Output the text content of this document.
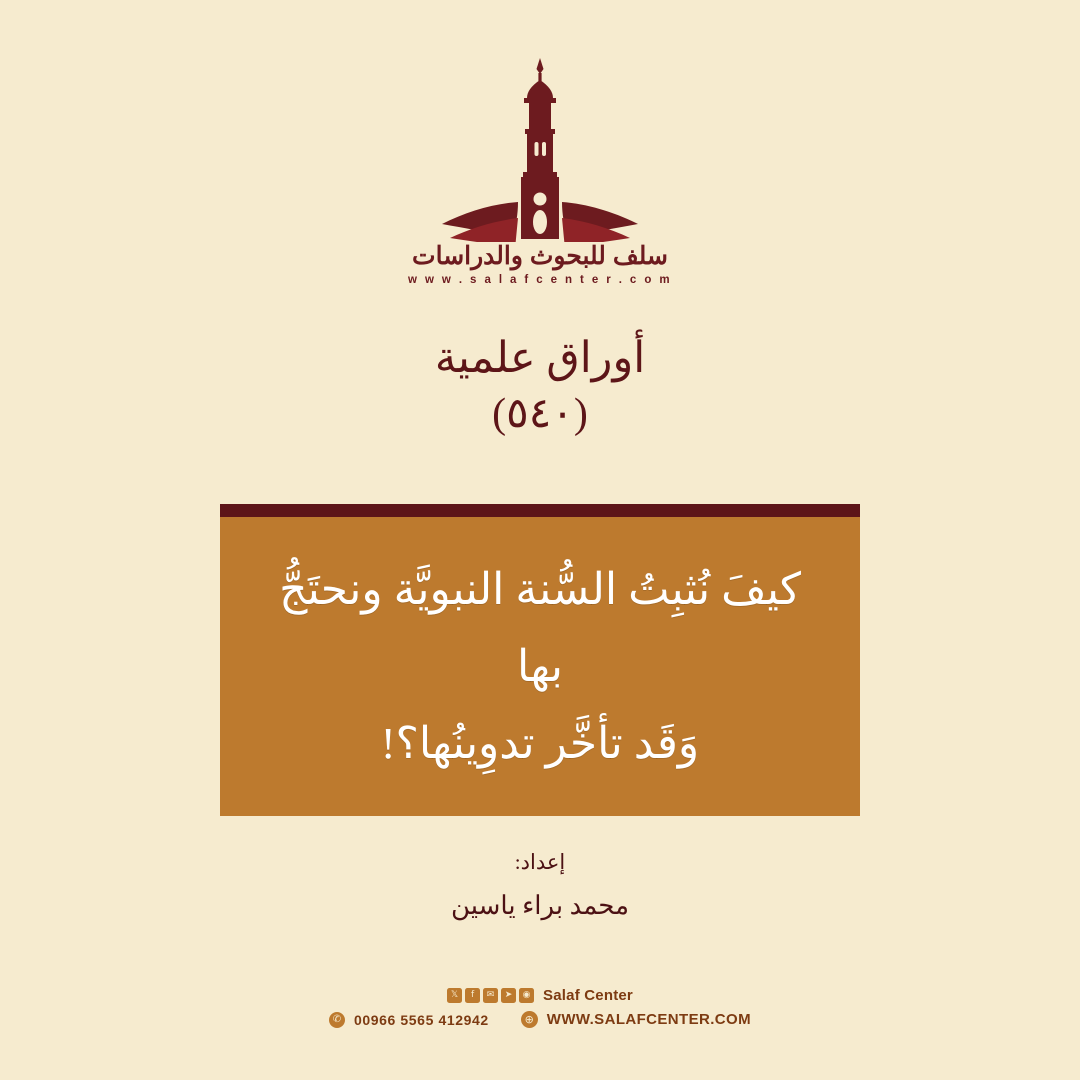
سلف للبحوث والدراسات
w w w . s a l a f c e n t e r . c o m
أوراق علمية
(٥٤٠)
كيفَ نُثبِتُ السُّنة النبويَّة ونحتَجُّ بها
وَقَد تأخَّر تدوِينُها؟!
إعداد:
محمد براء ياسين
𝕏	f	✉	➤	◉ Salaf Center
✆ 00966 5565 412942	⊕ WWW.SALAFCENTER.COM
